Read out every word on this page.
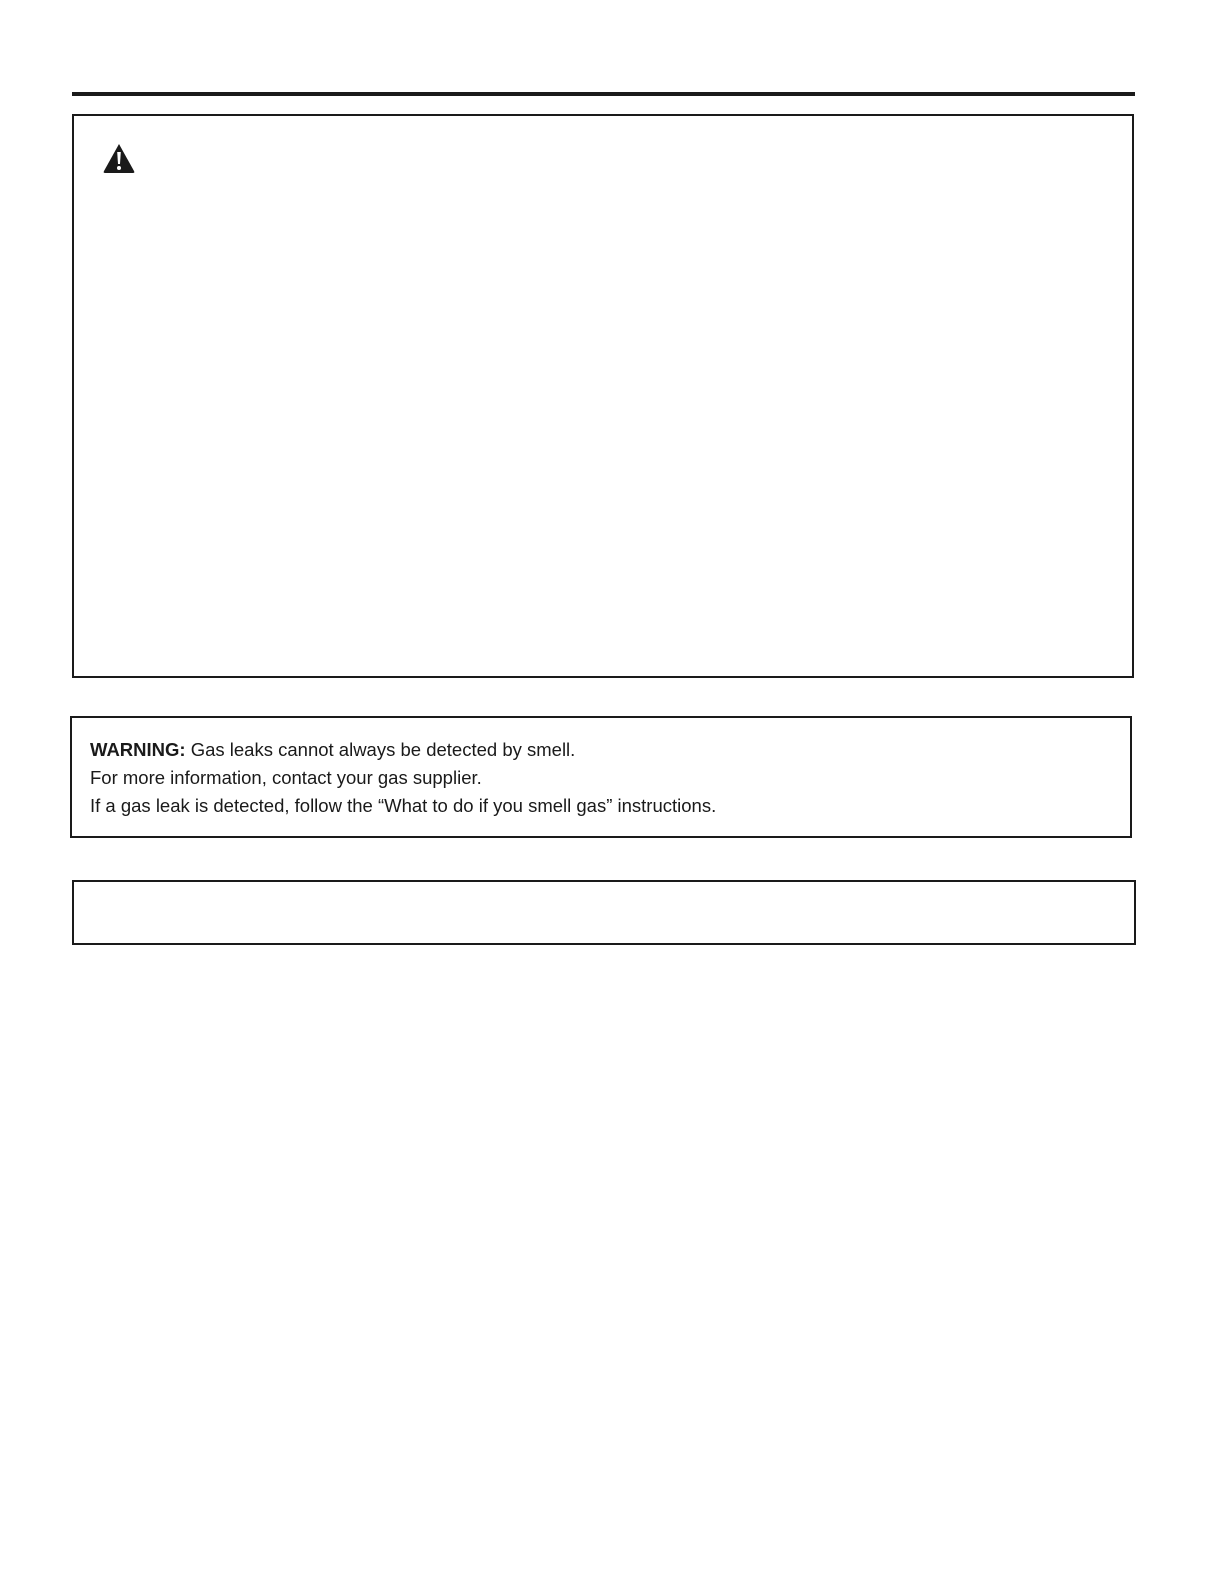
WARNING: Gas leaks cannot always be detected by smell.
For more information, contact your gas supplier.
If a gas leak is detected, follow the “What to do if you smell gas” instructions.
